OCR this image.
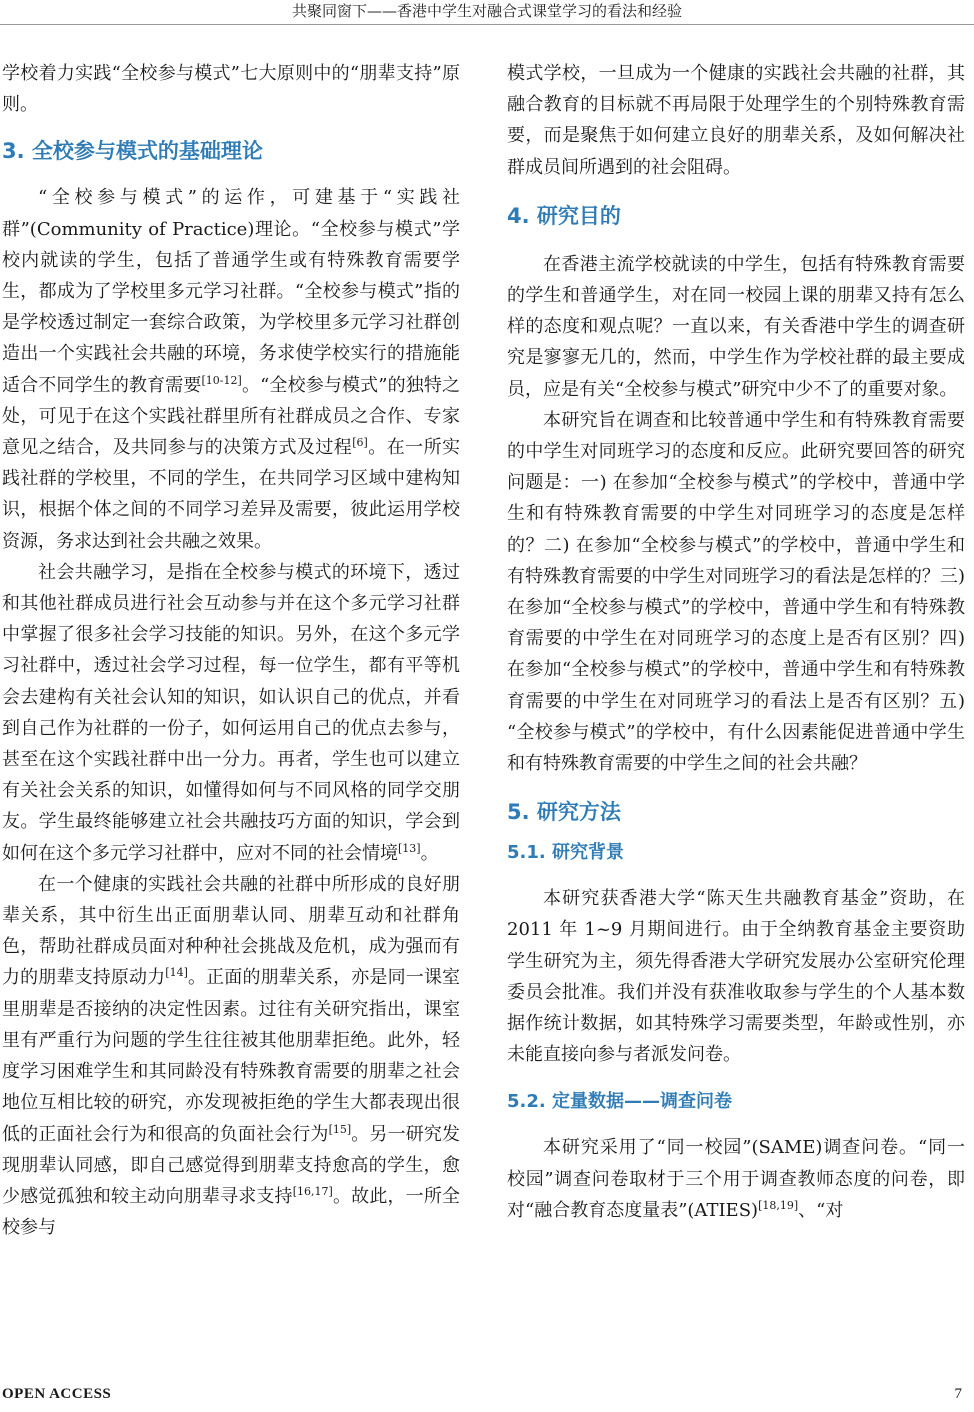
共聚同窗下——香港中学生对融合式课堂学习的看法和经验

学校着力实践“全校参与模式”七大原则中的“朋辈支持”原则。

3. 全校参与模式的基础理论

“全校参与模式”的运作，可建基于“实践社群”(Community of Practice)理论。“全校参与模式”学校内就读的学生，包括了普通学生或有特殊教育需要学生，都成为了学校里多元学习社群。“全校参与模式”指的是学校透过制定一套综合政策，为学校里多元学习社群创造出一个实践社会共融的环境，务求使学校实行的措施能适合不同学生的教育需要[10-12]。“全校参与模式”的独特之处，可见于在这个实践社群里所有社群成员之合作、专家意见之结合，及共同参与的决策方式及过程[6]。在一所实践社群的学校里，不同的学生，在共同学习区域中建构知识，根据个体之间的不同学习差异及需要，彼此运用学校资源，务求达到社会共融之效果。

社会共融学习，是指在全校参与模式的环境下，透过和其他社群成员进行社会互动参与并在这个多元学习社群中掌握了很多社会学习技能的知识。另外，在这个多元学习社群中，透过社会学习过程，每一位学生，都有平等机会去建构有关社会认知的知识，如认识自己的优点，并看到自己作为社群的一份子，如何运用自己的优点去参与，甚至在这个实践社群中出一分力。再者，学生也可以建立有关社会关系的知识，如懂得如何与不同风格的同学交朋友。学生最终能够建立社会共融技巧方面的知识，学会到如何在这个多元学习社群中，应对不同的社会情境[13]。

在一个健康的实践社会共融的社群中所形成的良好朋辈关系，其中衍生出正面朋辈认同、朋辈互动和社群角色，帮助社群成员面对种种社会挑战及危机，成为强而有力的朋辈支持原动力[14]。正面的朋辈关系，亦是同一课室里朋辈是否接纳的决定性因素。过往有关研究指出，课室里有严重行为问题的学生往往被其他朋辈拒绝。此外，轻度学习困难学生和其同龄没有特殊教育需要的朋辈之社会地位互相比较的研究，亦发现被拒绝的学生大都表现出很低的正面社会行为和很高的负面社会行为[15]。另一研究发现朋辈认同感，即自己感觉得到朋辈支持愈高的学生，愈少感觉孤独和较主动向朋辈寻求支持[16,17]。故此，一所全校参与

模式学校，一旦成为一个健康的实践社会共融的社群，其融合教育的目标就不再局限于处理学生的个别特殊教育需要，而是聚焦于如何建立良好的朋辈关系，及如何解决社群成员间所遇到的社会阻碍。

4. 研究目的

在香港主流学校就读的中学生，包括有特殊教育需要的学生和普通学生，对在同一校园上课的朋辈又持有怎么样的态度和观点呢？一直以来，有关香港中学生的调查研究是寥寥无几的，然而，中学生作为学校社群的最主要成员，应是有关“全校参与模式”研究中少不了的重要对象。

本研究旨在调查和比较普通中学生和有特殊教育需要的中学生对同班学习的态度和反应。此研究要回答的研究问题是：一) 在参加“全校参与模式”的学校中，普通中学生和有特殊教育需要的中学生对同班学习的态度是怎样的？二) 在参加“全校参与模式”的学校中，普通中学生和有特殊教育需要的中学生对同班学习的看法是怎样的？三) 在参加“全校参与模式”的学校中，普通中学生和有特殊教育需要的中学生在对同班学习的态度上是否有区别？四) 在参加“全校参与模式”的学校中，普通中学生和有特殊教育需要的中学生在对同班学习的看法上是否有区别？五) “全校参与模式”的学校中，有什么因素能促进普通中学生和有特殊教育需要的中学生之间的社会共融？

5. 研究方法
5.1. 研究背景

本研究获香港大学“陈天生共融教育基金”资助，在 2011 年 1~9 月期间进行。由于全纳教育基金主要资助学生研究为主，须先得香港大学研究发展办公室研究伦理委员会批准。我们并没有获准收取参与学生的个人基本数据作统计数据，如其特殊学习需要类型，年龄或性别，亦未能直接向参与者派发问卷。

5.2. 定量数据——调查问卷

本研究采用了“同一校园”(SAME)调查问卷。“同一校园”调查问卷取材于三个用于调查教师态度的问卷，即对“融合教育态度量表”(ATIES)[18,19]、“对

OPEN ACCESS	7
